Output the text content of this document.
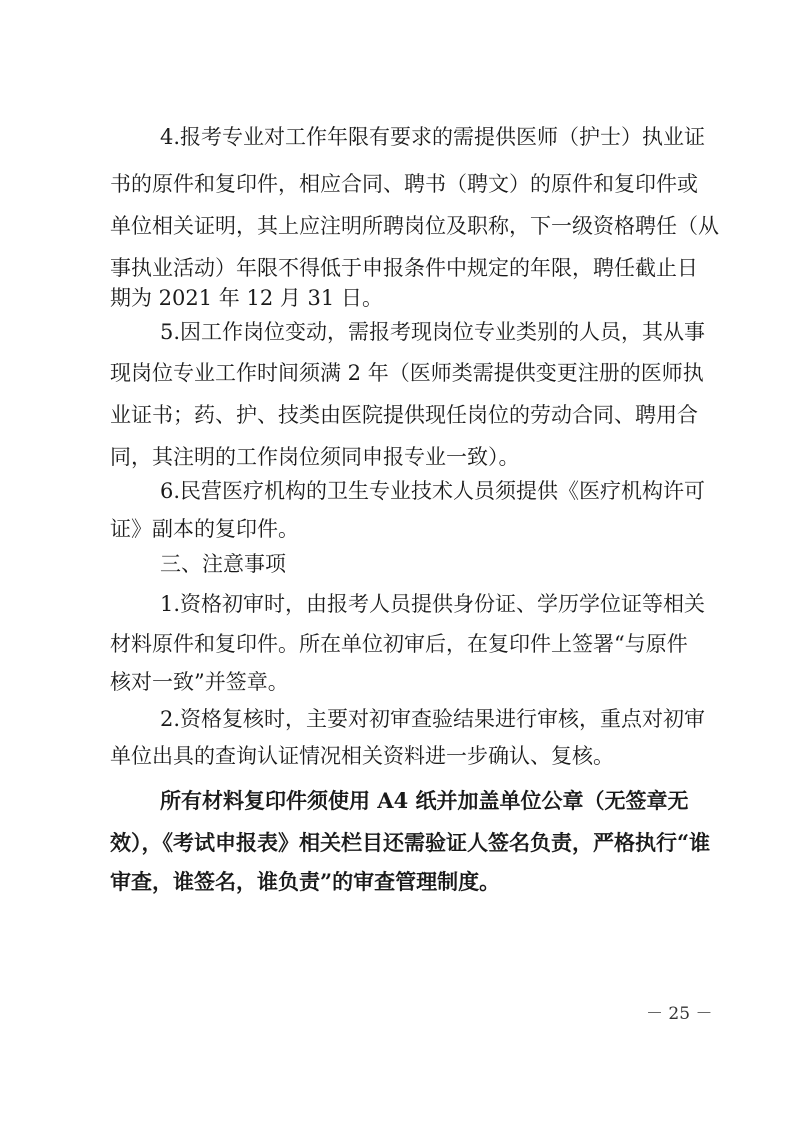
4.报考专业对工作年限有要求的需提供医师（护士）执业证
书的原件和复印件，相应合同、聘书（聘文）的原件和复印件或
单位相关证明，其上应注明所聘岗位及职称，下一级资格聘任（从
事执业活动）年限不得低于申报条件中规定的年限，聘任截止日
期为 2021 年 12 月 31 日。
5.因工作岗位变动，需报考现岗位专业类别的人员，其从事
现岗位专业工作时间须满 2 年（医师类需提供变更注册的医师执
业证书；药、护、技类由医院提供现任岗位的劳动合同、聘用合
同，其注明的工作岗位须同申报专业一致）。
6.民营医疗机构的卫生专业技术人员须提供《医疗机构许可
证》副本的复印件。
三、注意事项
1.资格初审时，由报考人员提供身份证、学历学位证等相关
材料原件和复印件。所在单位初审后，在复印件上签署“与原件
核对一致”并签章。
2.资格复核时，主要对初审查验结果进行审核，重点对初审
单位出具的查询认证情况相关资料进一步确认、复核。
所有材料复印件须使用 A4 纸并加盖单位公章（无签章无
效），《考试申报表》相关栏目还需验证人签名负责，严格执行“谁
审查，谁签名，谁负责”的审查管理制度。
－ 25 －
